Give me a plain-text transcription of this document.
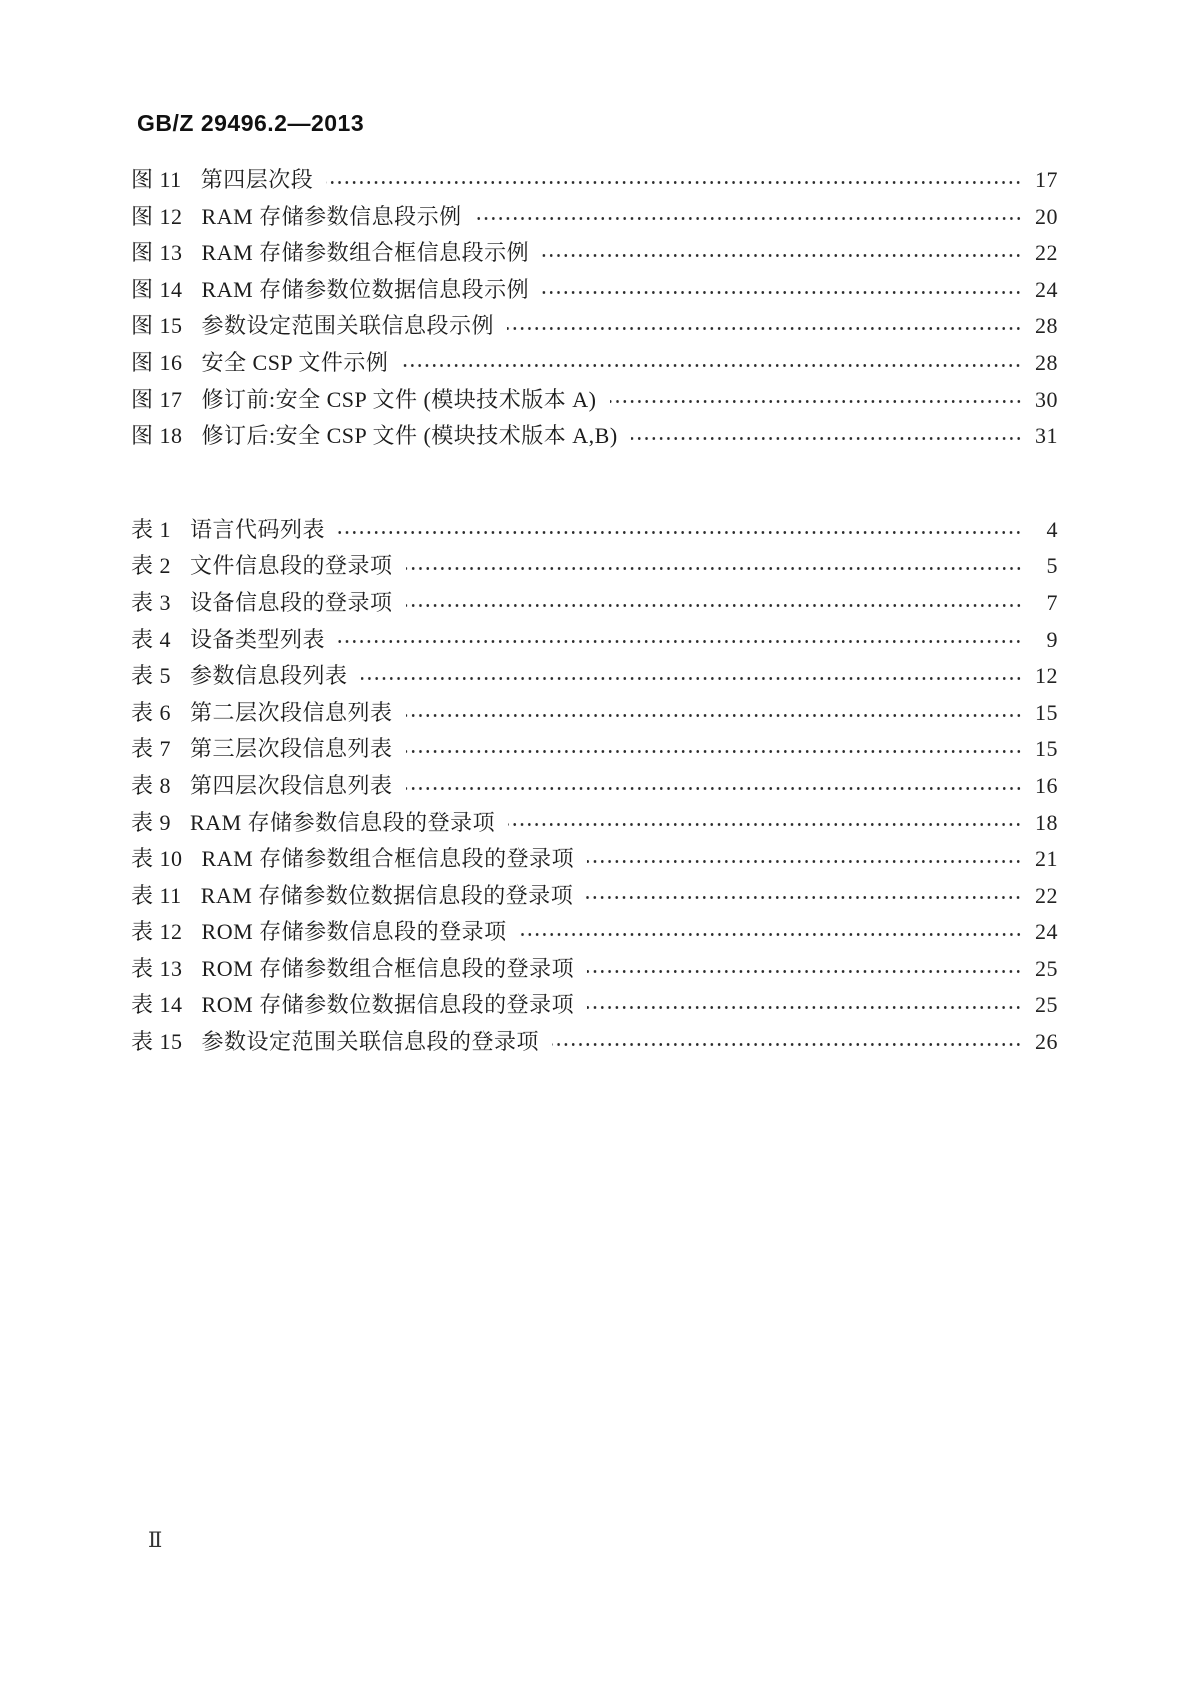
GB/Z 29496.2—2013
图 11 第四层次段	17
图 12 RAM 存储参数信息段示例	20
图 13 RAM 存储参数组合框信息段示例	22
图 14 RAM 存储参数位数据信息段示例	24
图 15 参数设定范围关联信息段示例	28
图 16 安全 CSP 文件示例	28
图 17 修订前:安全 CSP 文件 (模块技术版本 A)	30
图 18 修订后:安全 CSP 文件 (模块技术版本 A,B)	31
表 1 语言代码列表	4
表 2 文件信息段的登录项	5
表 3 设备信息段的登录项	7
表 4 设备类型列表	9
表 5 参数信息段列表	12
表 6 第二层次段信息列表	15
表 7 第三层次段信息列表	15
表 8 第四层次段信息列表	16
表 9 RAM 存储参数信息段的登录项	18
表 10 RAM 存储参数组合框信息段的登录项	21
表 11 RAM 存储参数位数据信息段的登录项	22
表 12 ROM 存储参数信息段的登录项	24
表 13 ROM 存储参数组合框信息段的登录项	25
表 14 ROM 存储参数位数据信息段的登录项	25
表 15 参数设定范围关联信息段的登录项	26
Ⅱ
